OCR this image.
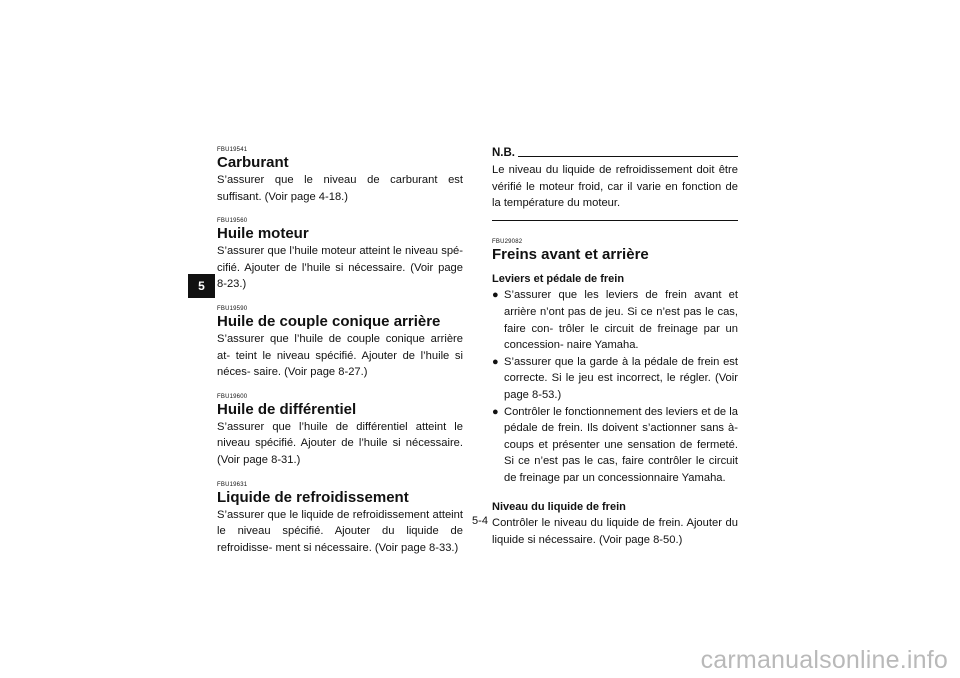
5
FBU19541
Carburant
S’assurer que le niveau de carburant est suffisant. (Voir page 4-18.)
FBU19560
Huile moteur
S’assurer que l’huile moteur atteint le niveau spé- cifié. Ajouter de l’huile si nécessaire. (Voir page 8-23.)
FBU19590
Huile de couple conique arrière
S’assurer que l’huile de couple conique arrière at- teint le niveau spécifié. Ajouter de l’huile si néces- saire. (Voir page 8-27.)
FBU19600
Huile de différentiel
S’assurer que l’huile de différentiel atteint le niveau spécifié. Ajouter de l’huile si nécessaire. (Voir page 8-31.)
FBU19631
Liquide de refroidissement
S’assurer que le liquide de refroidissement atteint le niveau spécifié. Ajouter du liquide de refroidisse- ment si nécessaire. (Voir page 8-33.)
N.B.
Le niveau du liquide de refroidissement doit être vérifié le moteur froid, car il varie en fonction de la température du moteur.
FBU29082
Freins avant et arrière
Leviers et pédale de frein
● S’assurer que les leviers de frein avant et arrière n’ont pas de jeu. Si ce n’est pas le cas, faire con- trôler le circuit de freinage par un concession- naire Yamaha.
● S’assurer que la garde à la pédale de frein est correcte. Si le jeu est incorrect, le régler. (Voir page 8-53.)
● Contrôler le fonctionnement des leviers et de la pédale de frein. Ils doivent s’actionner sans à- coups et présenter une sensation de fermeté. Si ce n’est pas le cas, faire contrôler le circuit de freinage par un concessionnaire Yamaha.
Niveau du liquide de frein
Contrôler le niveau du liquide de frein. Ajouter du liquide si nécessaire. (Voir page 8-50.)
5-4
carmanualsonline.info
